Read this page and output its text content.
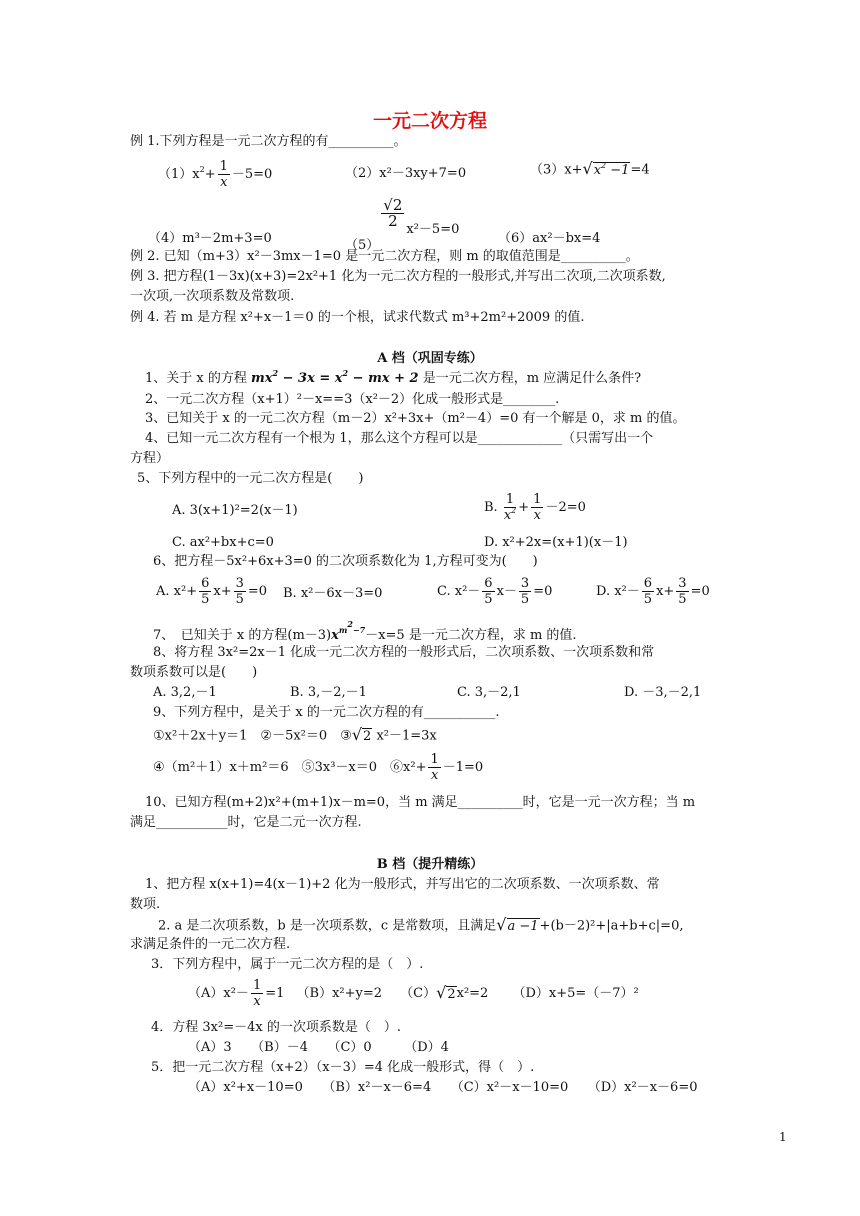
一元二次方程
例 1.下列方程是一元二次方程的有__________。
$(1)x^2+ \frac{1}{x} -5=0$	（2）x²－3xy+7=0	$(3)x+√x^2 -1=4$
（4）m³－2m+3=0	（5）
$\frac{√2}{2}$
x²－5=0
（6）ax²－bx=4
例 2. 已知（m+3）x²－3mx－1=0 是一元二次方程，则 m 的取值范围是__________。
例 3. 把方程(1－3x)(x+3)=2x²+1 化为一元二次方程的一般形式,并写出二次项,二次项系数,
一次项,一次项系数及常数项.
例 4. 若 m 是方程 x²+x－1＝0 的一个根，试求代数式 m³+2m²+2009 的值.
A 档（巩固专练）
1、关于 x 的方程 $mx^2 - 3x = x^2$ − mx + 2 是一元二次方程，m 应满足什么条件?
2、一元二次方程（x+1）²－x==3（x²－2）化成一般形式是________.
3、已知关于 x 的一元二次方程（m－2）x²+3x+（m²－4）=0 有一个解是 0，求 m 的值。
4、已知一元二次方程有一个根为 1，那么这个方程可以是_____________（只需写出一个
方程）
5、下列方程中的一元二次方程是(　　)
A. 3(x+1)²=2(x－1)	B. $\frac{1}{x^2} + \frac{1}{x} -2=0$
C. ax²+bx+c=0	D. x²+2x=(x+1)(x－1)
6、把方程－5x²+6x+3=0 的二次项系数化为 1,方程可变为(　　)
A. $x^2+ \frac{6}{5} x+ \frac{3}{5} =0$ B. x²－6x－3=0	C. $x^2- \frac{6}{5} x- \frac{3}{5} =0$	D. $x^2- \frac{6}{5} x+ \frac{3}{5} =0$
7、　已知关于 x 的方程$(m-3)x^{m^2-7}-x=5$ 是一元二次方程，求 m 的值.
8、将方程 3x²=2x－1 化成一元二次方程的一般形式后，二次项系数、一次项系数和常
数项系数可以是(　　)
A. 3,2,－1	B. 3,－2,－1	C. 3,－2,1	D. －3,－2,1
9、下列方程中，是关于 x 的一元二次方程的有___________.
①x²＋2x＋y＝1　②－5x²＝0　③√2 x²－1=3x
④（m²＋1）x＋m²＝6　⑤3x³－x＝0　⑥x²+ $\frac{1}{x} -1=0$
10、已知方程(m+2)x²+(m+1)x－m=0，当 m 满足__________时，它是一元一次方程；当 m
满足___________时，它是二元一次方程.
B 档（提升精练）
1、把方程 x(x+1)=4(x－1)+2 化为一般形式，并写出它的二次项系数、一次项系数、常
数项.
2. a 是二次项系数，b 是一次项系数，c 是常数项，且满足√a −1+(b－2)²+|a+b+c|=0,
求满足条件的一元二次方程.
3．下列方程中，属于一元二次方程的是（　）.
$(A)x^2- \frac{1}{x} =1$ （B）x²+y=2 （C）√2x²=2 （D）x+5=（－7）²
4．方程 3x²=－4x 的一次项系数是（　）.
（A）3　　（B）－4　　（C）0　　　（D）4
5．把一元二次方程（x+2）（x－3）=4 化成一般形式，得（　）.
（A）x²+x－10=0　　（B）x²－x－6=4　　（C）x²－x－10=0　　（D）x²－x－6=0
1
